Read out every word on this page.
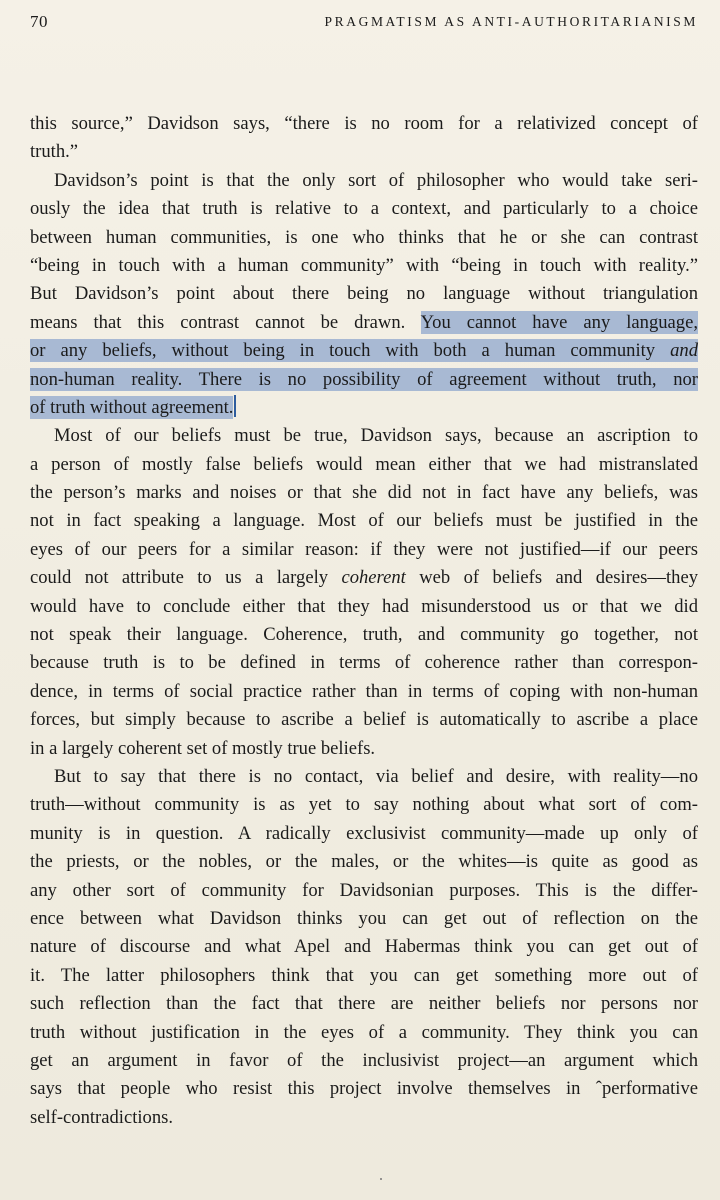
70	PRAGMATISM AS ANTI-AUTHORITARIANISM
this source,” Davidson says, “there is no room for a relativized concept of
truth.”
Davidson’s point is that the only sort of philosopher who would take seri-
ously the idea that truth is relative to a context, and particularly to a choice
between human communities, is one who thinks that he or she can contrast
“being in touch with a human community” with “being in touch with reality.”
But Davidson’s point about there being no language without triangulation
means that this contrast cannot be drawn. You cannot have any language,
or any beliefs, without being in touch with both a human community and
non-human reality. There is no possibility of agreement without truth, nor
of truth without agreement.
Most of our beliefs must be true, Davidson says, because an ascription to
a person of mostly false beliefs would mean either that we had mistranslated
the person’s marks and noises or that she did not in fact have any beliefs, was
not in fact speaking a language. Most of our beliefs must be justified in the
eyes of our peers for a similar reason: if they were not justified—if our peers
could not attribute to us a largely coherent web of beliefs and desires—they
would have to conclude either that they had misunderstood us or that we did
not speak their language. Coherence, truth, and community go together, not
because truth is to be defined in terms of coherence rather than correspon-
dence, in terms of social practice rather than in terms of coping with non-human
forces, but simply because to ascribe a belief is automatically to ascribe a place
in a largely coherent set of mostly true beliefs.
But to say that there is no contact, via belief and desire, with reality—no
truth—without community is as yet to say nothing about what sort of com-
munity is in question. A radically exclusivist community—made up only of
the priests, or the nobles, or the males, or the whites—is quite as good as
any other sort of community for Davidsonian purposes. This is the differ-
ence between what Davidson thinks you can get out of reflection on the
nature of discourse and what Apel and Habermas think you can get out of
it. The latter philosophers think that you can get something more out of
such reflection than the fact that there are neither beliefs nor persons nor
truth without justification in the eyes of a community. They think you can
get an argument in favor of the inclusivist project—an argument which
says that people who resist this project involve themselves in ˆperformative
self-contradictions.
